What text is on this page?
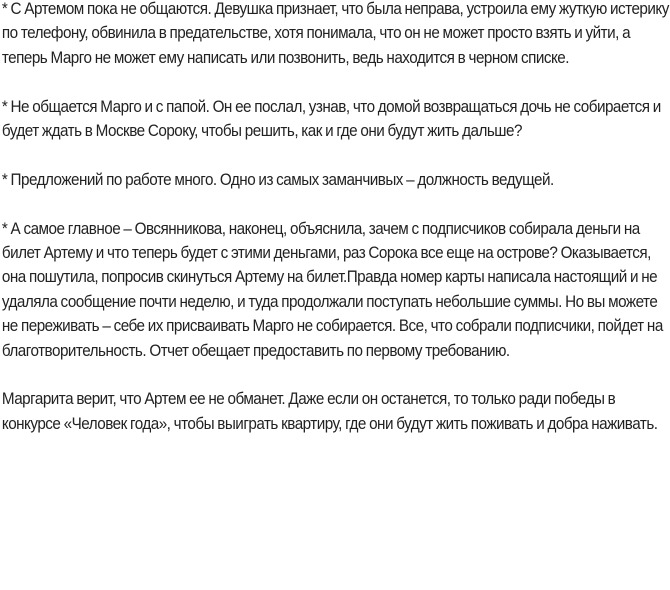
* С Артемом пока не общаются. Девушка признает, что была неправа, устроила ему жуткую истерику по телефону, обвинила в предательстве, хотя понимала, что он не может просто взять и уйти, а теперь Марго не может ему написать или позвонить, ведь находится в черном списке.

* Не общается Марго и с папой. Он ее послал, узнав, что домой возвращаться дочь не собирается и будет ждать в Москве Сороку, чтобы решить, как и где они будут жить дальше?

* Предложений по работе много. Одно из самых заманчивых – должность ведущей.

* А самое главное – Овсянникова, наконец, объяснила, зачем с подписчиков собирала деньги на билет Артему и что теперь будет с этими деньгами, раз Сорока все еще на острове? Оказывается, она пошутила, попросив скинуться Артему на билет.Правда номер карты написала настоящий и не удаляла сообщение почти неделю, и туда продолжали поступать небольшие суммы. Но вы можете не переживать – себе их присваивать Марго не собирается. Все, что собрали подписчики, пойдет на благотворительность. Отчет обещает предоставить по первому требованию.

Маргарита верит, что Артем ее не обманет. Даже если он останется, то только ради победы в конкурсе «Человек года», чтобы выиграть квартиру, где они будут жить поживать и добра наживать.
